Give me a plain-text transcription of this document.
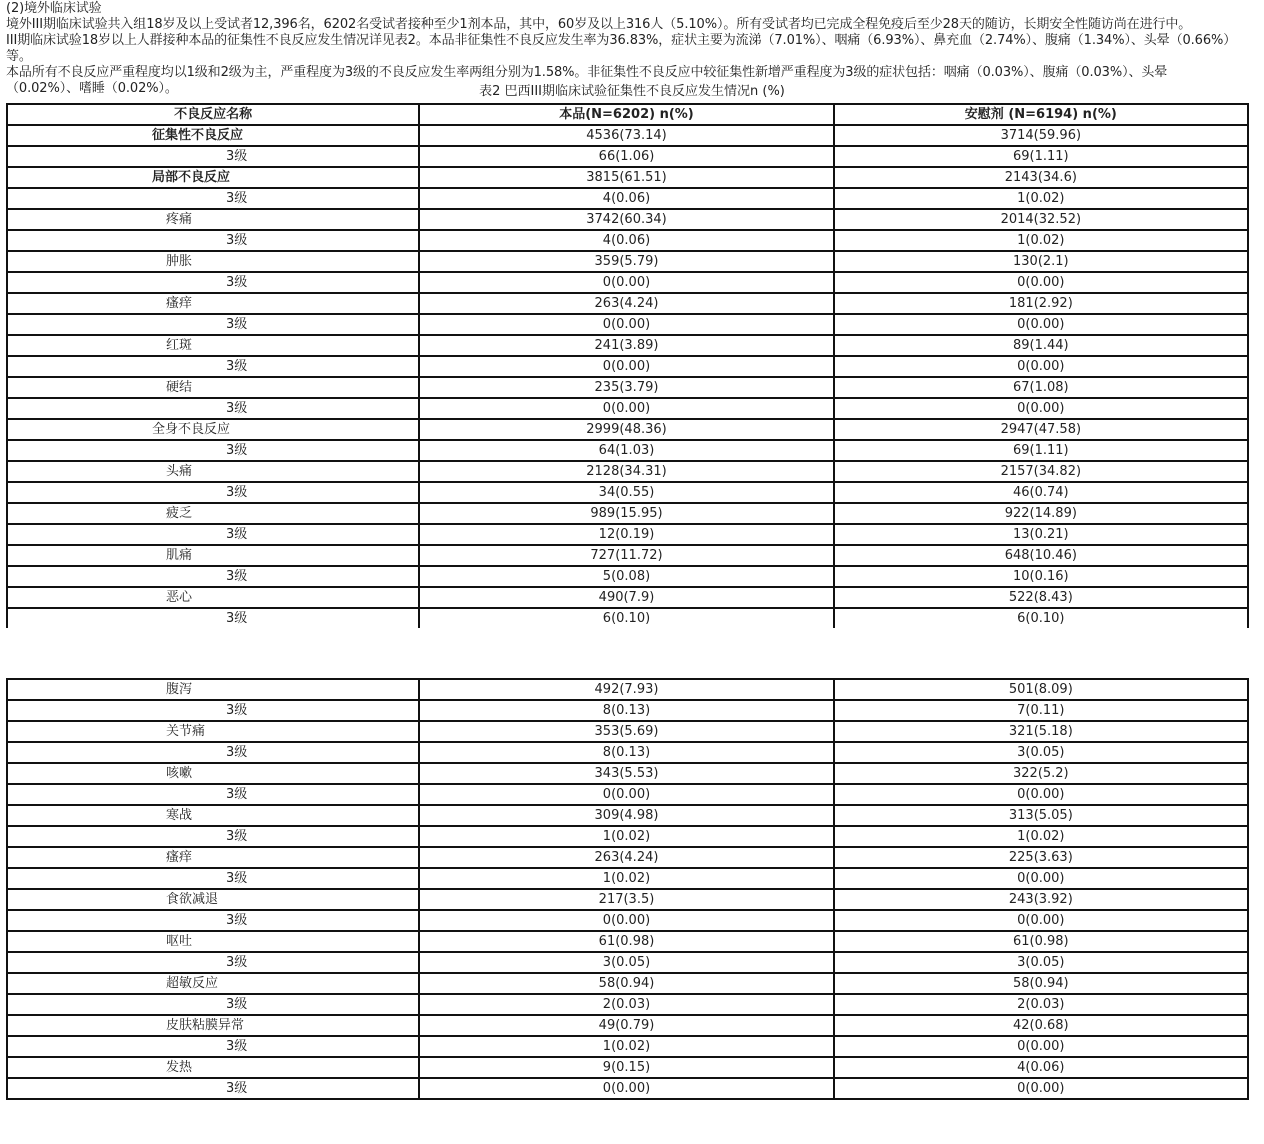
(2)境外临床试验

境外III期临床试验共入组18岁及以上受试者12,396名，6202名受试者接种至少1剂本品，其中，60岁及以上316人（5.10%）。所有受试者均已完成全程免疫后至少28天的随访，长期安全性随访尚在进行中。

III期临床试验18岁以上人群接种本品的征集性不良反应发生情况详见表2。本品非征集性不良反应发生率为36.83%，症状主要为流涕（7.01%）、咽痛（6.93%）、鼻充血（2.74%）、腹痛（1.34%）、头晕（0.66%）等。

本品所有不良反应严重程度均以1级和2级为主，严重程度为3级的不良反应发生率两组分别为1.58%。非征集性不良反应中较征集性新增严重程度为3级的症状包括：咽痛（0.03%）、腹痛（0.03%）、头晕

（0.02%）、嗜睡（0.02%）。	表2 巴西III期临床试验征集性不良反应发生情况n (%)
不良反应名称	本品(N=6202) n(%)	安慰剂 (N=6194) n(%)
征集性不良反应	4536(73.14)	3714(59.96)
3级	66(1.06)	69(1.11)
局部不良反应	3815(61.51)	2143(34.6)
3级	4(0.06)	1(0.02)
疼痛	3742(60.34)	2014(32.52)
3级	4(0.06)	1(0.02)
肿胀	359(5.79)	130(2.1)
3级	0(0.00)	0(0.00)
瘙痒	263(4.24)	181(2.92)
3级	0(0.00)	0(0.00)
红斑	241(3.89)	89(1.44)
3级	0(0.00)	0(0.00)
硬结	235(3.79)	67(1.08)
3级	0(0.00)	0(0.00)
全身不良反应	2999(48.36)	2947(47.58)
3级	64(1.03)	69(1.11)
头痛	2128(34.31)	2157(34.82)
3级	34(0.55)	46(0.74)
疲乏	989(15.95)	922(14.89)
3级	12(0.19)	13(0.21)
肌痛	727(11.72)	648(10.46)
3级	5(0.08)	10(0.16)
恶心	490(7.9)	522(8.43)
3级	6(0.10)	6(0.10)
腹泻	492(7.93)	501(8.09)
3级	8(0.13)	7(0.11)
关节痛	353(5.69)	321(5.18)
3级	8(0.13)	3(0.05)
咳嗽	343(5.53)	322(5.2)
3级	0(0.00)	0(0.00)
寒战	309(4.98)	313(5.05)
3级	1(0.02)	1(0.02)
瘙痒	263(4.24)	225(3.63)
3级	1(0.02)	0(0.00)
食欲减退	217(3.5)	243(3.92)
3级	0(0.00)	0(0.00)
呕吐	61(0.98)	61(0.98)
3级	3(0.05)	3(0.05)
超敏反应	58(0.94)	58(0.94)
3级	2(0.03)	2(0.03)
皮肤粘膜异常	49(0.79)	42(0.68)
3级	1(0.02)	0(0.00)
发热	9(0.15)	4(0.06)
3级	0(0.00)	0(0.00)
